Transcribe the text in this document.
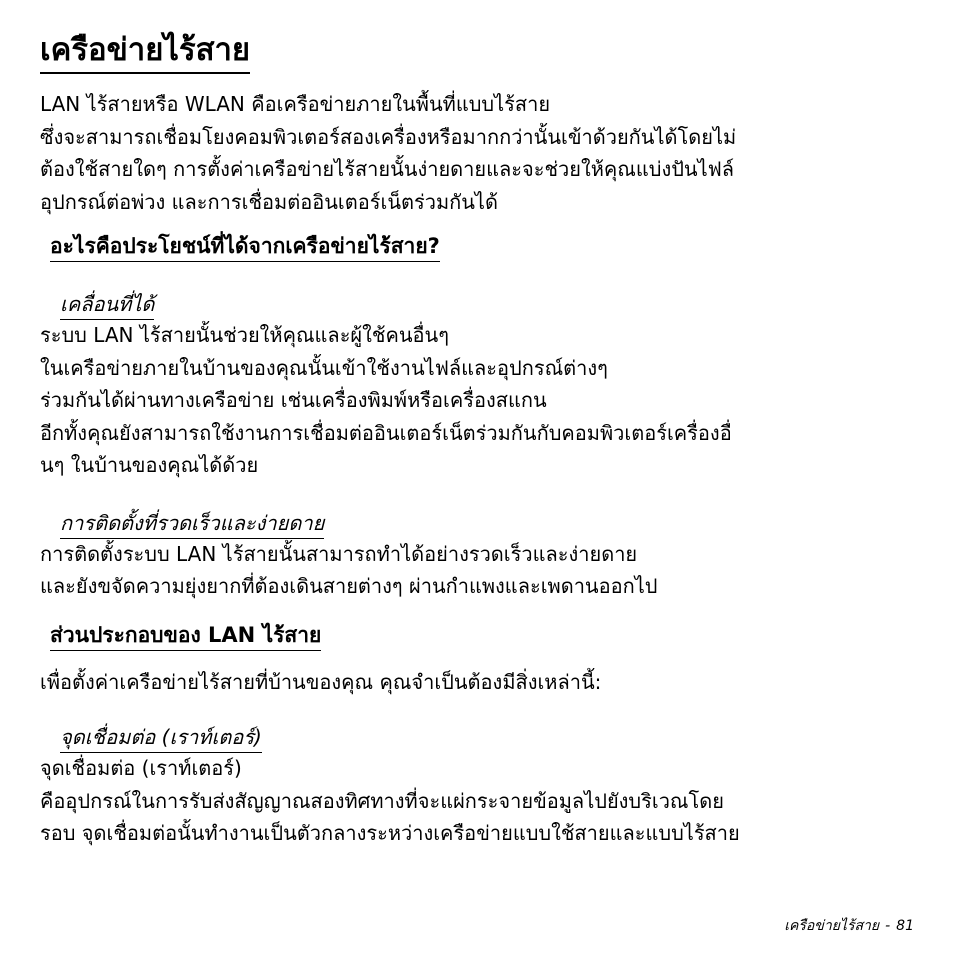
เครือข่ายไร้สาย
LAN ไร้สายหรือ WLAN คือเครือข่ายภายในพื้นที่แบบไร้สาย
ซึ่งจะสามารถเชื่อมโยงคอมพิวเตอร์สองเครื่องหรือมากกว่านั้นเข้าด้วยกันได้โดยไม่
ต้องใช้สายใดๆ การตั้งค่าเครือข่ายไร้สายนั้นง่ายดายและจะช่วยให้คุณแบ่งปันไฟล์
อุปกรณ์ต่อพ่วง และการเชื่อมต่ออินเตอร์เน็ตร่วมกันได้
อะไรคือประโยชน์ที่ได้จากเครือข่ายไร้สาย?
เคลื่อนที่ได้
ระบบ LAN ไร้สายนั้นช่วยให้คุณและผู้ใช้คนอื่นๆ
ในเครือข่ายภายในบ้านของคุณนั้นเข้าใช้งานไฟล์และอุปกรณ์ต่างๆ
ร่วมกันได้ผ่านทางเครือข่าย เช่นเครื่องพิมพ์หรือเครื่องสแกน
อีกทั้งคุณยังสามารถใช้งานการเชื่อมต่ออินเตอร์เน็ตร่วมกันกับคอมพิวเตอร์เครื่องอื่
นๆ ในบ้านของคุณได้ด้วย
การติดตั้งที่รวดเร็วและง่ายดาย
การติดตั้งระบบ LAN ไร้สายนั้นสามารถทำได้อย่างรวดเร็วและง่ายดาย
และยังขจัดความยุ่งยากที่ต้องเดินสายต่างๆ ผ่านกำแพงและเพดานออกไป
ส่วนประกอบของ LAN ไร้สาย
เพื่อตั้งค่าเครือข่ายไร้สายที่บ้านของคุณ คุณจำเป็นต้องมีสิ่งเหล่านี้:
จุดเชื่อมต่อ (เราท์เตอร์)
จุดเชื่อมต่อ (เราท์เตอร์)
คืออุปกรณ์ในการรับส่งสัญญาณสองทิศทางที่จะแผ่กระจายข้อมูลไปยังบริเวณโดย
รอบ จุดเชื่อมต่อนั้นทำงานเป็นตัวกลางระหว่างเครือข่ายแบบใช้สายและแบบไร้สาย
เครือข่ายไร้สาย - 81
